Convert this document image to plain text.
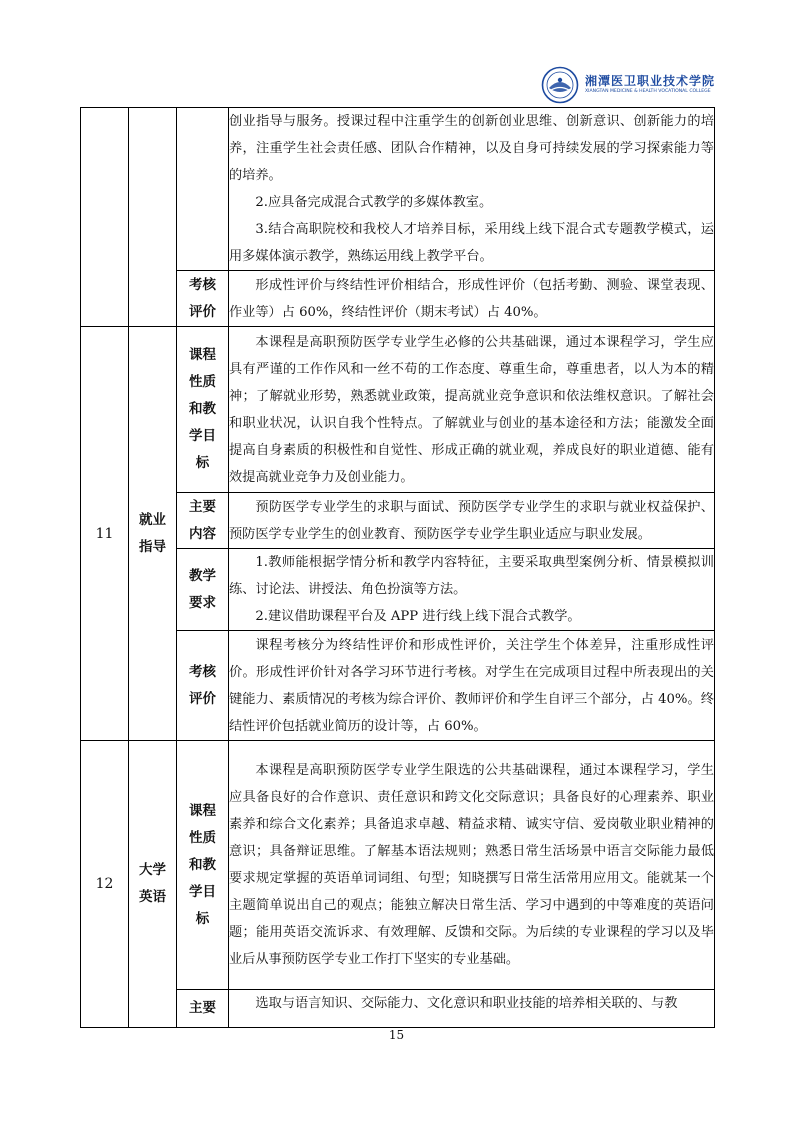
湘潭医卫职业技术学院
XIANGTAN MEDICINE & HEALTH VOCATIONAL COLLEGE

			创业指导与服务。授课过程中注重学生的创新创业思维、创新意识、创新能力的培养，注重学生社会责任感、团队合作精神，以及自身可持续发展的学习探索能力等的培养。

2.应具备完成混合式教学的多媒体教室。

3.结合高职院校和我校人才培养目标，采用线上线下混合式专题教学模式，运用多媒体演示教学，熟练运用线上教学平台。

		考核评价	形成性评价与终结性评价相结合，形成性评价（包括考勤、测验、课堂表现、作业等）占 60%，终结性评价（期末考试）占 40%。

11	就业指导	课程性质和教学目标	本课程是高职预防医学专业学生必修的公共基础课，通过本课程学习，学生应具有严谨的工作作风和一丝不苟的工作态度、尊重生命，尊重患者，以人为本的精神；了解就业形势，熟悉就业政策，提高就业竞争意识和依法维权意识。了解社会和职业状况，认识自我个性特点。了解就业与创业的基本途径和方法；能激发全面提高自身素质的积极性和自觉性、形成正确的就业观，养成良好的职业道德、能有效提高就业竞争力及创业能力。

		主要内容	预防医学专业学生的求职与面试、预防医学专业学生的求职与就业权益保护、预防医学专业学生的创业教育、预防医学专业学生职业适应与职业发展。

		教学要求	1.教师能根据学情分析和教学内容特征，主要采取典型案例分析、情景模拟训练、讨论法、讲授法、角色扮演等方法。

2.建议借助课程平台及 APP 进行线上线下混合式教学。

		考核评价	课程考核分为终结性评价和形成性评价，关注学生个体差异，注重形成性评价。形成性评价针对各学习环节进行考核。对学生在完成项目过程中所表现出的关键能力、素质情况的考核为综合评价、教师评价和学生自评三个部分，占 40%。终结性评价包括就业简历的设计等，占 60%。

12	大学英语	课程性质和教学目标	本课程是高职预防医学专业学生限选的公共基础课程，通过本课程学习，学生应具备良好的合作意识、责任意识和跨文化交际意识；具备良好的心理素养、职业素养和综合文化素养；具备追求卓越、精益求精、诚实守信、爱岗敬业职业精神的意识；具备辩证思维。了解基本语法规则；熟悉日常生活场景中语言交际能力最低要求规定掌握的英语单词词组、句型；知晓撰写日常生活常用应用文。能就某一个主题简单说出自己的观点；能独立解决日常生活、学习中遇到的中等难度的英语问题；能用英语交流诉求、有效理解、反馈和交际。为后续的专业课程的学习以及毕业后从事预防医学专业工作打下坚实的专业基础。

		主要	选取与语言知识、交际能力、文化意识和职业技能的培养相关联的、与教

15
